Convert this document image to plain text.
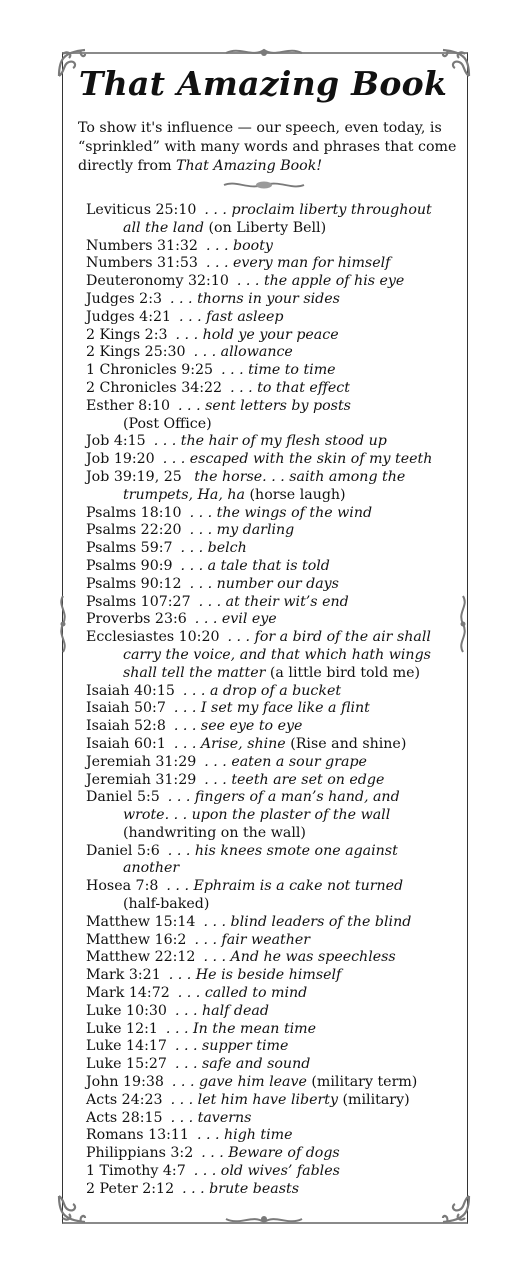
That Amazing Book

To show it's influence — our speech, even today, is “sprinkled” with many words and phrases that come directly from That Amazing Book!

Leviticus 25:10 . . . proclaim liberty throughout
all the land (on Liberty Bell)
Numbers 31:32 . . . booty
Numbers 31:53 . . . every man for himself
Deuteronomy 32:10 . . . the apple of his eye
Judges 2:3 . . . thorns in your sides
Judges 4:21 . . . fast asleep
2 Kings 2:3 . . . hold ye your peace
2 Kings 25:30 . . . allowance
1 Chronicles 9:25 . . . time to time
2 Chronicles 34:22 . . . to that effect
Esther 8:10 . . . sent letters by posts
(Post Office)
Job 4:15 . . . the hair of my flesh stood up
Job 19:20 . . . escaped with the skin of my teeth
Job 39:19, 25 the horse. . . saith among the
trumpets, Ha, ha (horse laugh)
Psalms 18:10 . . . the wings of the wind
Psalms 22:20 . . . my darling
Psalms 59:7 . . . belch
Psalms 90:9 . . . a tale that is told
Psalms 90:12 . . . number our days
Psalms 107:27 . . . at their wit’s end
Proverbs 23:6 . . . evil eye
Ecclesiastes 10:20 . . . for a bird of the air shall
carry the voice, and that which hath wings
shall tell the matter (a little bird told me)
Isaiah 40:15 . . . a drop of a bucket
Isaiah 50:7 . . . I set my face like a flint
Isaiah 52:8 . . . see eye to eye
Isaiah 60:1 . . . Arise, shine (Rise and shine)
Jeremiah 31:29 . . . eaten a sour grape
Jeremiah 31:29 . . . teeth are set on edge
Daniel 5:5 . . . fingers of a man’s hand, and
wrote. . . upon the plaster of the wall
(handwriting on the wall)
Daniel 5:6 . . . his knees smote one against
another
Hosea 7:8 . . . Ephraim is a cake not turned
(half-baked)
Matthew 15:14 . . . blind leaders of the blind
Matthew 16:2 . . . fair weather
Matthew 22:12 . . . And he was speechless
Mark 3:21 . . . He is beside himself
Mark 14:72 . . . called to mind
Luke 10:30 . . . half dead
Luke 12:1 . . . In the mean time
Luke 14:17 . . . supper time
Luke 15:27 . . . safe and sound
John 19:38 . . . gave him leave (military term)
Acts 24:23 . . . let him have liberty (military)
Acts 28:15 . . . taverns
Romans 13:11 . . . high time
Philippians 3:2 . . . Beware of dogs
1 Timothy 4:7 . . . old wives’ fables
2 Peter 2:12 . . . brute beasts
